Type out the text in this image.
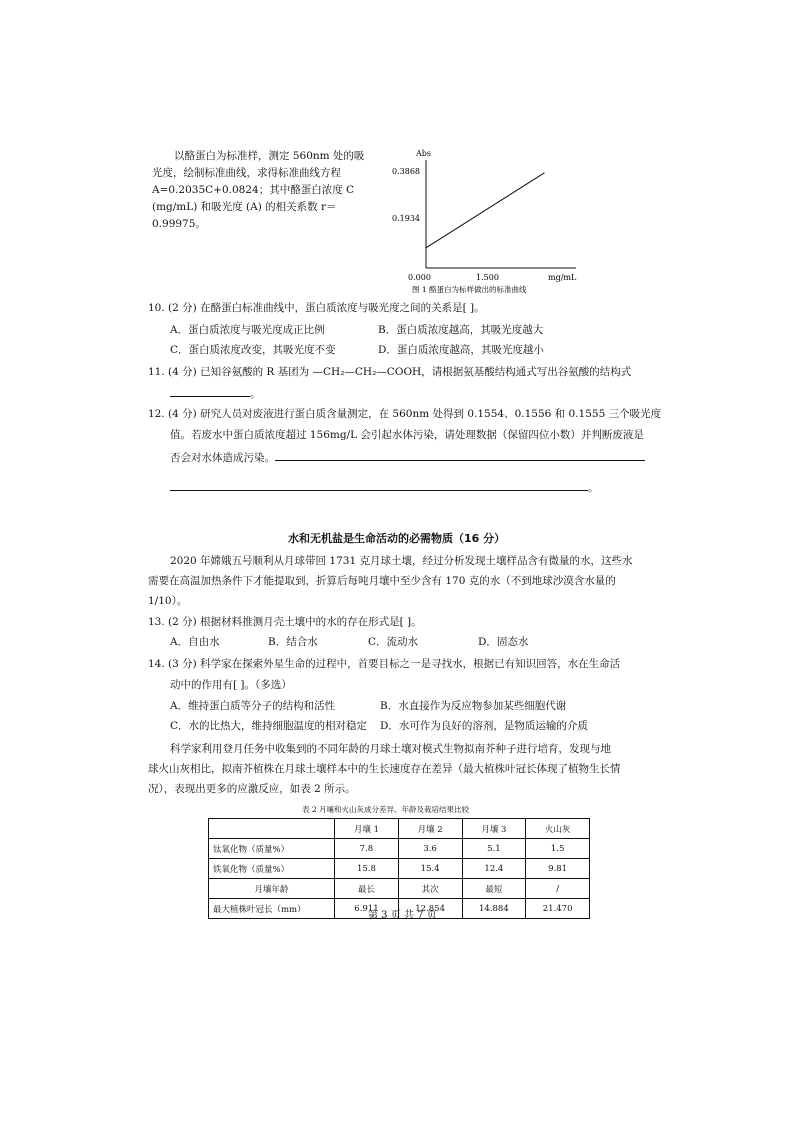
以酪蛋白为标准样，测定 560nm 处的吸

光度，绘制标准曲线，求得标准曲线方程

A=0.2035C+0.0824；其中酪蛋白浓度 C

(mg/mL) 和吸光度 (A) 的相关系数 r＝

0.99975。

Abs
0.3868
0.1934
0.000	1.500	mg/mL
图 1 酪蛋白为标样做出的标准曲线
10. (2 分) 在酪蛋白标准曲线中，蛋白质浓度与吸光度之间的关系是[ ]。
A．蛋白质浓度与吸光度成正比例	B．蛋白质浓度越高，其吸光度越大
C．蛋白质浓度改变，其吸光度不变	D．蛋白质浓度越高，其吸光度越小
11. (4 分) 已知谷氨酸的 R 基团为 —CH₂—CH₂—COOH，请根据氨基酸结构通式写出谷氨酸的结构式
。
12. (4 分) 研究人员对废液进行蛋白质含量测定，在 560nm 处得到 0.1554、0.1556 和 0.1555 三个吸光度
值。若废水中蛋白质浓度超过 156mg/L 会引起水体污染，请处理数据（保留四位小数）并判断废液是
否会对水体造成污染。
。
水和无机盐是生命活动的必需物质（16 分）
2020 年嫦娥五号顺利从月球带回 1731 克月球土壤，经过分析发现土壤样品含有微量的水，这些水
需要在高温加热条件下才能提取到，折算后每吨月壤中至少含有 170 克的水（不到地球沙漠含水量的
1/10）。
13. (2 分) 根据材料推测月壳土壤中的水的存在形式是[ ]。
A．自由水	B．结合水	C．流动水	D．固态水
14. (3 分) 科学家在探索外星生命的过程中，首要目标之一是寻找水，根据已有知识回答，水在生命活
动中的作用有[ ]。（多选）
A．维持蛋白质等分子的结构和活性	B．水直接作为反应物参加某些细胞代谢
C．水的比热大，维持细胞温度的相对稳定 D．水可作为良好的溶剂，是物质运输的介质
科学家利用登月任务中收集到的不同年龄的月球土壤对模式生物拟南芥种子进行培育，发现与地
球火山灰相比，拟南芥植株在月球土壤样本中的生长速度存在差异（最大植株叶冠长体现了植物生长情
况），表现出更多的应激反应，如表 2 所示。
表 2 月壤和火山灰成分差异、年龄及栽培结果比较
	月壤 1	月壤 2	月壤 3	火山灰
钛氧化物（质量%）	7.8	3.6	5.1	1.5
铁氧化物（质量%）	15.8	15.4	12.4	9.81
月壤年龄	最长	其次	最短	/
最大植株叶冠长（mm）	6.911	12.854	14.884	21.470
第 3 页 共 7 页
